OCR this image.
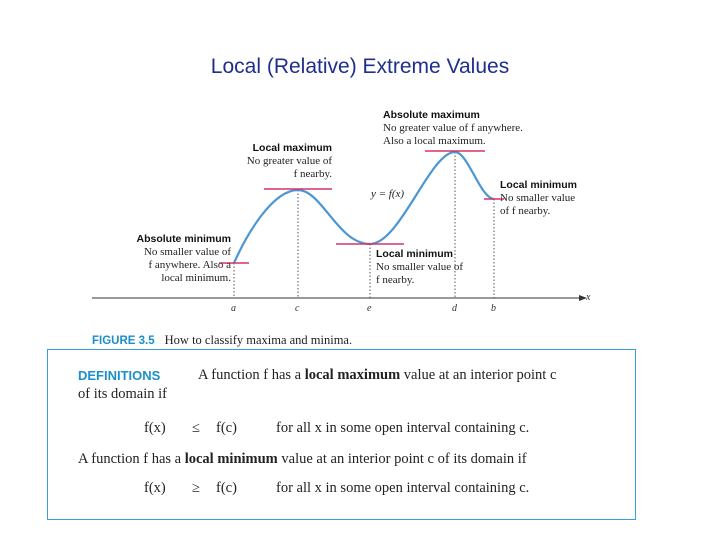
Local (Relative) Extreme Values
y = f(x)
Absolute maximum
No greater value of f anywhere.
Also a local maximum.
Local maximum
No greater value of
f nearby.
Local minimum
No smaller value
of f nearby.
Absolute minimum
No smaller value of
f anywhere. Also a
local minimum.
Local minimum
No smaller value of
f nearby.
x
a	c	e	d	b
FIGURE 3.5 How to classify maxima and minima.
DEFINITIONS	A function f has a local maximum value at an interior point c
of its domain if
f(x) ≤ f(c)	for all x in some open interval containing c.
A function f has a local minimum value at an interior point c of its domain if
f(x) ≥ f(c)	for all x in some open interval containing c.
